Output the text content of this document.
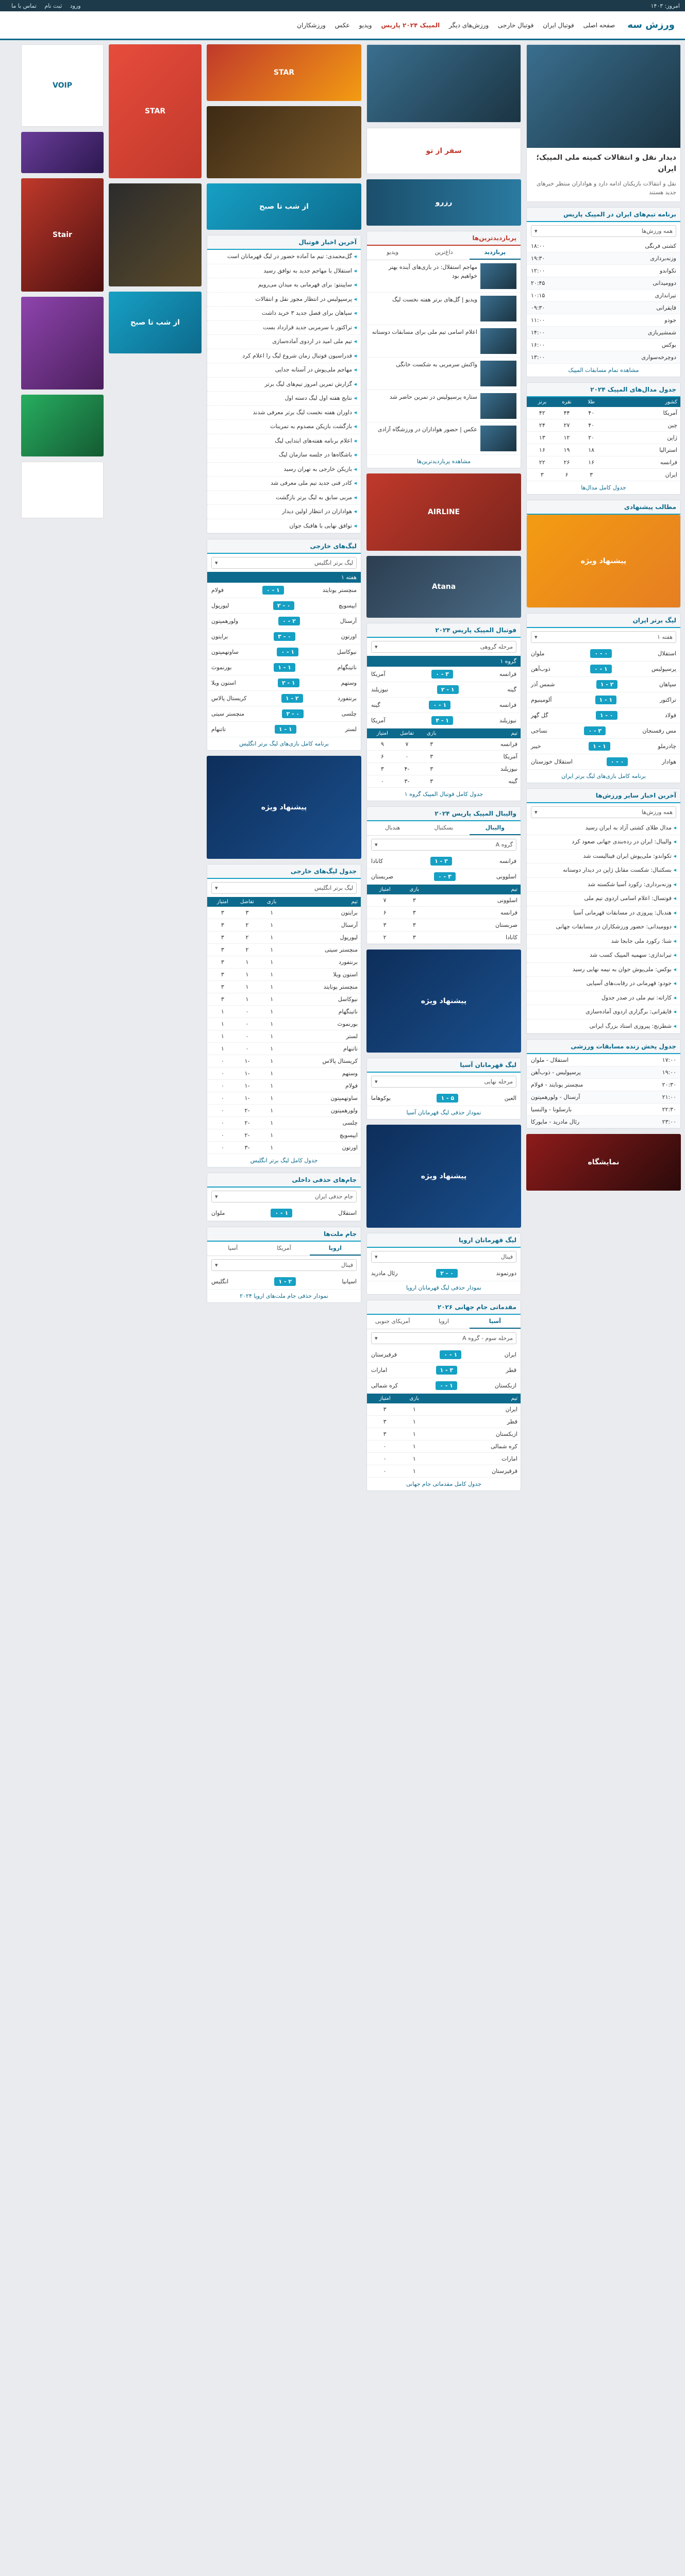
امروز: ۱۴۰۳
ورود ثبت نام تماس با ما
ورزش سه
صفحه اصلی فوتبال ایران فوتبال خارجی ورزش‌های دیگر المپیک ۲۰۲۴ پاریس ویدیو عکس ورزشکاران
دیدار نقل و انتقالات کمیته ملی المپیک؛ ایران
نقل و انتقالات بازیکنان ادامه دارد و هواداران منتظر خبرهای جدید هستند
برنامه تیم‌های ایران در المپیک پاریس
همه ورزش‌ها
▾
کشتی فرنگی
۱۸:۰۰
وزنه‌برداری
۱۹:۳۰
تکواندو
۱۲:۰۰
دوومیدانی
۲۰:۴۵
تیراندازی
۱۰:۱۵
قایقرانی
۰۹:۳۰
جودو
۱۱:۰۰
شمشیربازی
۱۴:۰۰
بوکس
۱۶:۰۰
دوچرخه‌سواری
۱۳:۰۰
مشاهده تمام مسابقات المپیک
جدول مدال‌های المپیک ۲۰۲۴
کشور
طلا
نقره
برنز
آمریکا
۴۰
۴۴
۴۲
چین
۴۰
۲۷
۲۴
ژاپن
۲۰
۱۲
۱۳
استرالیا
۱۸
۱۹
۱۶
فرانسه
۱۶
۲۶
۲۲
ایران
۳
۶
۳
جدول کامل مدال‌ها
مطالب پیشنهادی
پیشنهاد ویژه
لیگ برتر ایران
هفته ۱
▾
استقلال
۰ - ۰
ملوان
پرسپولیس
۱ - ۰
ذوب‌آهن
سپاهان
۲ - ۱
شمس آذر
تراکتور
۱ - ۱
آلومینیوم
فولاد
۰ - ۱
گل گهر
مس رفسنجان
۲ - ۰
نساجی
چادرملو
۱ - ۱
خیبر
هوادار
۰ - ۰
استقلال خوزستان
برنامه کامل بازی‌های لیگ برتر ایران
آخرین اخبار سایر ورزش‌ها
همه ورزش‌ها
▾
◂ مدال طلای کشتی آزاد به ایران رسید
◂ والیبال: ایران در رده‌بندی جهانی صعود کرد
◂ تکواندو: ملی‌پوش ایران فینالیست شد
◂ بسکتبال: شکست مقابل ژاپن در دیدار دوستانه
◂ وزنه‌برداری: رکورد آسیا شکسته شد
◂ فوتسال: اعلام اسامی اردوی تیم ملی
◂ هندبال: پیروزی در مسابقات قهرمانی آسیا
◂ دوومیدانی: حضور ورزشکاران در مسابقات جهانی
◂ شنا: رکورد ملی جابجا شد
◂ تیراندازی: سهمیه المپیک کسب شد
◂ بوکس: ملی‌پوش جوان به نیمه نهایی رسید
◂ جودو: قهرمانی در رقابت‌های آسیایی
◂ کاراته: تیم ملی در صدر جدول
◂ قایقرانی: برگزاری اردوی آماده‌سازی
◂ شطرنج: پیروزی استاد بزرگ ایرانی
جدول پخش زنده مسابقات ورزشی
۱۷:۰۰
استقلال - ملوان
۱۹:۰۰
پرسپولیس - ذوب‌آهن
۲۰:۳۰
منچستر یونایتد - فولام
۲۱:۰۰
آرسنال - ولورهمپتون
۲۲:۳۰
بارسلونا - والنسیا
۲۳:۰۰
رئال مادرید - مایورکا
نمایشگاه
سفر از تو
رزرو
پربازدیدترین‌ها
پربازدید
داغ‌ترین
ویدیو
مهاجم استقلال: در بازی‌های آینده بهتر خواهیم بود
ویدیو | گل‌های برتر هفته نخست لیگ
اعلام اسامی تیم ملی برای مسابقات دوستانه
واکنش سرمربی به شکست خانگی
ستاره پرسپولیس در تمرین حاضر شد
عکس | حضور هواداران در ورزشگاه آزادی
مشاهده پربازدیدترین‌ها
AIRLINE
Atana
فوتبال المپیک پاریس ۲۰۲۴
مرحله گروهی
▾
گروه ۱
فرانسه
۳ - ۰
آمریکا
گینه
۱ - ۲
نیوزیلند
فرانسه
۱ - ۰
گینه
نیوزیلند
۱ - ۴
آمریکا
تیم
بازی
تفاضل
امتیاز
فرانسه
۳
۷
۹
آمریکا
۳
۰
۶
نیوزیلند
۳
-۴
۳
گینه
۳
-۳
۰
جدول کامل فوتبال المپیک گروه ۱
والیبال المپیک پاریس ۲۰۲۴
والیبال
بسکتبال
هندبال
گروه A
▾
فرانسه
۳ - ۱
کانادا
اسلوونی
۳ - ۰
صربستان
تیم
بازی
امتیاز
اسلوونی
۳
۷
فرانسه
۳
۶
صربستان
۳
۳
کانادا
۳
۲
پیشنهاد ویژه
لیگ قهرمانان آسیا
مرحله نهایی
▾
العین
۵ - ۱
یوکوهاما
نمودار حذفی لیگ قهرمانان آسیا
پیشنهاد ویژه
لیگ قهرمانان اروپا
فینال
▾
دورتموند
۰ - ۲
رئال مادرید
نمودار حذفی لیگ قهرمانان اروپا
مقدماتی جام جهانی ۲۰۲۶
آسیا
اروپا
آمریکای جنوبی
مرحله سوم - گروه A
▾
ایران
۱ - ۰
قرقیزستان
قطر
۳ - ۱
امارات
ازبکستان
۱ - ۰
کره شمالی
تیم
بازی
امتیاز
ایران
۱
۳
قطر
۱
۳
ازبکستان
۱
۳
کره شمالی
۱
۰
امارات
۱
۰
قرقیزستان
۱
۰
جدول کامل مقدماتی جام جهانی
STAR
از شب تا صبح
آخرین اخبار فوتبال
◂ گل‌محمدی: تیم ما آماده حضور در لیگ قهرمانان است
◂ استقلال با مهاجم جدید به توافق رسید
◂ ساپینتو: برای قهرمانی به میدان می‌رویم
◂ پرسپولیس در انتظار مجوز نقل و انتقالات
◂ سپاهان برای فصل جدید ۳ خرید داشت
◂ تراکتور با سرمربی جدید قرارداد بست
◂ تیم ملی امید در اردوی آماده‌سازی
◂ فدراسیون فوتبال زمان شروع لیگ را اعلام کرد
◂ مهاجم ملی‌پوش در آستانه جدایی
◂ گزارش تمرین امروز تیم‌های لیگ برتر
◂ نتایج هفته اول لیگ دسته اول
◂ داوران هفته نخست لیگ برتر معرفی شدند
◂ بازگشت بازیکن مصدوم به تمرینات
◂ اعلام برنامه هفته‌های ابتدایی لیگ
◂ باشگاه‌ها در جلسه سازمان لیگ
◂ بازیکن خارجی به تهران رسید
◂ کادر فنی جدید تیم ملی معرفی شد
◂ مربی سابق به لیگ برتر بازگشت
◂ هواداران در انتظار اولین دیدار
◂ توافق نهایی با هافبک جوان
لیگ‌های خارجی
لیگ برتر انگلیس
▾
هفته ۱
منچستر یونایتد
۱ - ۰
فولام
ایپسویچ
۰ - ۲
لیورپول
آرسنال
۲ - ۰
ولورهمپتون
اورتون
۰ - ۳
برایتون
نیوکاسل
۱ - ۰
ساوتهمپتون
ناتینگهام
۱ - ۱
بورنموث
وستهم
۱ - ۲
استون ویلا
برنتفورد
۲ - ۱
کریستال پالاس
چلسی
۰ - ۲
منچستر سیتی
لستر
۱ - ۱
تاتنهام
برنامه کامل بازی‌های لیگ برتر انگلیس
پیشنهاد ویژه
جدول لیگ‌های خارجی
لیگ برتر انگلیس
▾
تیم
بازی
تفاضل
امتیاز
برایتون
۱
۳
۳
آرسنال
۱
۲
۳
لیورپول
۱
۲
۳
منچستر سیتی
۱
۲
۳
برنتفورد
۱
۱
۳
استون ویلا
۱
۱
۳
منچستر یونایتد
۱
۱
۳
نیوکاسل
۱
۱
۳
ناتینگهام
۱
۰
۱
بورنموث
۱
۰
۱
لستر
۱
۰
۱
تاتنهام
۱
۰
۱
کریستال پالاس
۱
-۱
۰
وستهم
۱
-۱
۰
فولام
۱
-۱
۰
ساوتهمپتون
۱
-۱
۰
ولورهمپتون
۱
-۲
۰
چلسی
۱
-۲
۰
ایپسویچ
۱
-۲
۰
اورتون
۱
-۳
۰
جدول کامل لیگ برتر انگلیس
جام‌های حذفی داخلی
جام حذفی ایران
▾
استقلال
۱ - ۰
ملوان
جام ملت‌ها
اروپا
آمریکا
آسیا
فینال
▾
اسپانیا
۲ - ۱
انگلیس
نمودار حذفی جام ملت‌های اروپا ۲۰۲۴
STAR
از شب تا صبح
VOIP
Stair
